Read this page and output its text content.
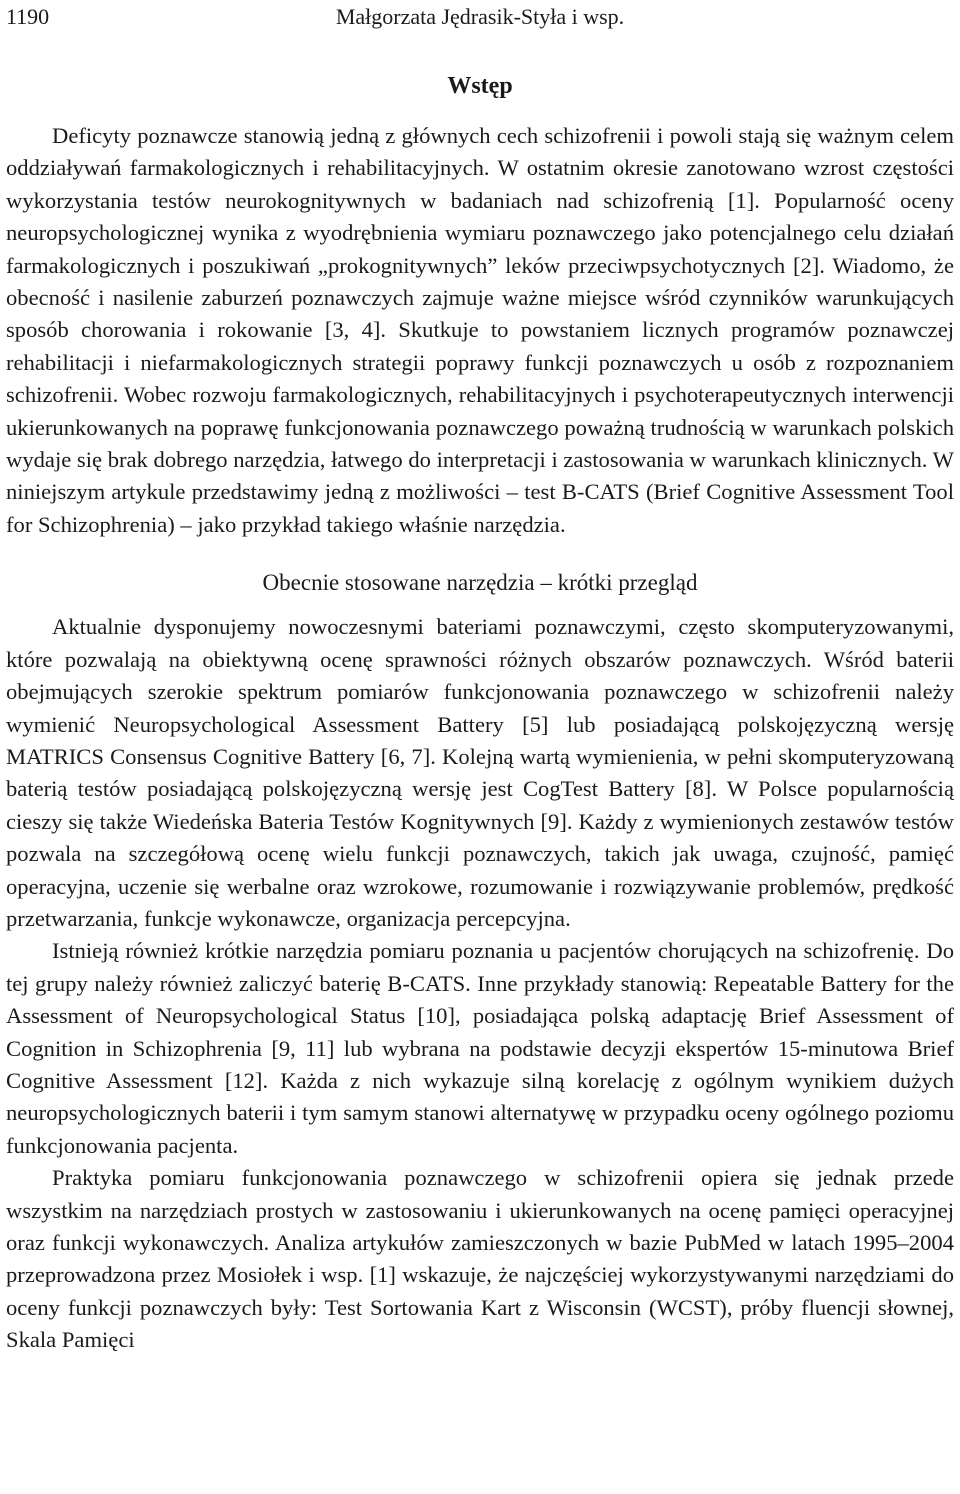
1190	Małgorzata Jędrasik-Styła i wsp.
Wstęp

Deficyty poznawcze stanowią jedną z głównych cech schizofrenii i powoli stają się ważnym celem oddziaływań farmakologicznych i rehabilitacyjnych. W ostatnim okresie zanotowano wzrost częstości wykorzystania testów neurokognitywnych w badaniach nad schizofrenią [1]. Popularność oceny neuropsychologicznej wynika z wyodrębnienia wymiaru poznawczego jako potencjalnego celu działań farmakologicznych i poszukiwań „prokognitywnych” leków przeciwpsychotycznych [2]. Wiadomo, że obecność i nasilenie zaburzeń poznawczych zajmuje ważne miejsce wśród czynników warunkujących sposób chorowania i rokowanie [3, 4]. Skutkuje to powstaniem licznych programów poznawczej rehabilitacji i niefarmakologicznych strategii poprawy funkcji poznawczych u osób z rozpoznaniem schizofrenii. Wobec rozwoju farmakologicznych, rehabilitacyjnych i psychoterapeutycznych interwencji ukierunkowanych na poprawę funkcjonowania poznawczego poważną trudnością w warunkach polskich wydaje się brak dobrego narzędzia, łatwego do interpretacji i zastosowania w warunkach klinicznych. W niniejszym artykule przedstawimy jedną z możliwości – test B-CATS (Brief Cognitive Assessment Tool for Schizophrenia) – jako przykład takiego właśnie narzędzia.

Obecnie stosowane narzędzia – krótki przegląd

Aktualnie dysponujemy nowoczesnymi bateriami poznawczymi, często skomputeryzowanymi, które pozwalają na obiektywną ocenę sprawności różnych obszarów poznawczych. Wśród baterii obejmujących szerokie spektrum pomiarów funkcjonowania poznawczego w schizofrenii należy wymienić Neuropsychological Assessment Battery [5] lub posiadającą polskojęzyczną wersję MATRICS Consensus Cognitive Battery [6, 7]. Kolejną wartą wymienienia, w pełni skomputeryzowaną baterią testów posiadającą polskojęzyczną wersję jest CogTest Battery [8]. W Polsce popularnością cieszy się także Wiedeńska Bateria Testów Kognitywnych [9]. Każdy z wymienionych zestawów testów pozwala na szczegółową ocenę wielu funkcji poznawczych, takich jak uwaga, czujność, pamięć operacyjna, uczenie się werbalne oraz wzrokowe, rozumowanie i rozwiązywanie problemów, prędkość przetwarzania, funkcje wykonawcze, organizacja percepcyjna.

Istnieją również krótkie narzędzia pomiaru poznania u pacjentów chorujących na schizofrenię. Do tej grupy należy również zaliczyć baterię B-CATS. Inne przykłady stanowią: Repeatable Battery for the Assessment of Neuropsychological Status [10], posiadająca polską adaptację Brief Assessment of Cognition in Schizophrenia [9, 11] lub wybrana na podstawie decyzji ekspertów 15-minutowa Brief Cognitive Assessment [12]. Każda z nich wykazuje silną korelację z ogólnym wynikiem dużych neuropsychologicznych baterii i tym samym stanowi alternatywę w przypadku oceny ogólnego poziomu funkcjonowania pacjenta.

Praktyka pomiaru funkcjonowania poznawczego w schizofrenii opiera się jednak przede wszystkim na narzędziach prostych w zastosowaniu i ukierunkowanych na ocenę pamięci operacyjnej oraz funkcji wykonawczych. Analiza artykułów zamieszczonych w bazie PubMed w latach 1995–2004 przeprowadzona przez Mosiołek i wsp. [1] wskazuje, że najczęściej wykorzystywanymi narzędziami do oceny funkcji poznawczych były: Test Sortowania Kart z Wisconsin (WCST), próby fluencji słownej, Skala Pamięci
